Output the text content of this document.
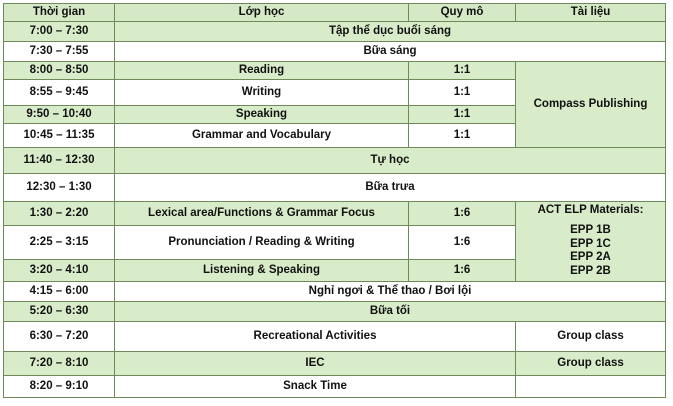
Thời gian	Lớp học	Quy mô	Tài liệu
7:00 – 7:30	Tập thể dục buổi sáng		
7:30 – 7:55	Bữa sáng		
8:00 – 8:50	Reading	1:1	Compass Publishing
8:55 – 9:45	Writing	1:1	
9:50 – 10:40	Speaking	1:1	
10:45 – 11:35	Grammar and Vocabulary	1:1	
11:40 – 12:30	Tự học		
12:30 – 1:30	Bữa trưa		
1:30 – 2:20	Lexical area/Functions & Grammar Focus	1:6	ACT ELP Materials:
EPP 1B
EPP 1C
EPP 2A
EPP 2B

2:25 – 3:15	Pronunciation / Reading & Writing	1:6	
3:20 – 4:10	Listening & Speaking	1:6	
4:15 – 6:00	Nghỉ ngơi & Thể thao / Bơi lội		
5:20 – 6:30	Bữa tối		
6:30 – 7:20	Recreational Activities		Group class
7:20 – 8:10	IEC		Group class
8:20 – 9:10	Snack Time		
